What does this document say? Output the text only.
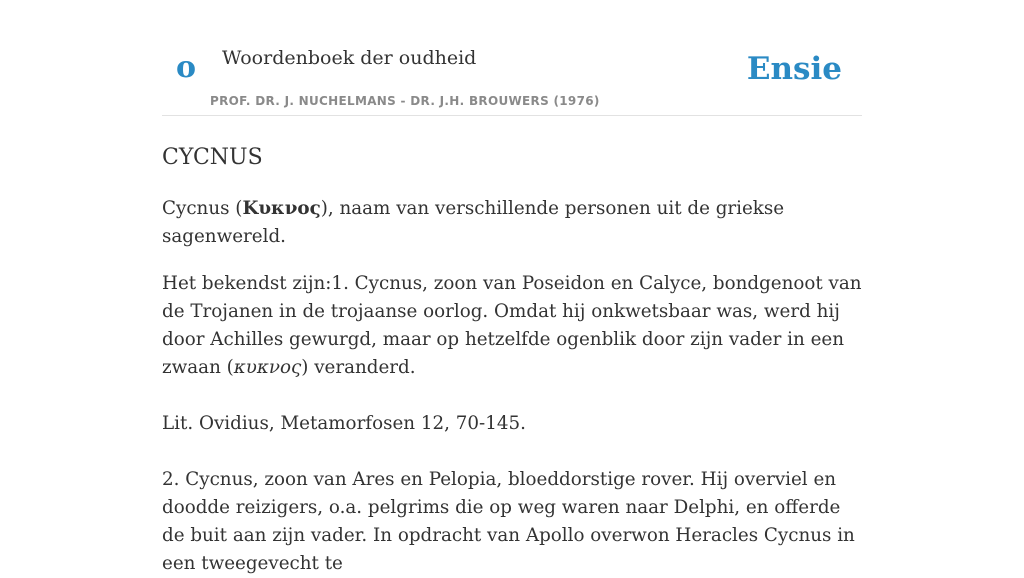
o Woordenboek der oudheid
PROF. DR. J. NUCHELMANS - DR. J.H. BROUWERS (1976)
Ensie
CYCNUS

Cycnus (Κυκνος), naam van verschillende personen uit de griekse sagenwereld.

Het bekendst zijn:1. Cycnus, zoon van Poseidon en Calyce, bondgenoot van de Trojanen in de trojaanse oorlog. Omdat hij onkwetsbaar was, werd hij door Achilles gewurgd, maar op hetzelfde ogenblik door zijn vader in een zwaan (κυκνος) veranderd.

Lit. Ovidius, Metamorfosen 12, 70-145.

2. Cycnus, zoon van Ares en Pelopia, bloeddorstige rover. Hij overviel en doodde reizigers, o.a. pelgrims die op weg waren naar Delphi, en offerde de buit aan zijn vader. In opdracht van Apollo overwon Heracles Cycnus in een tweegevecht te
